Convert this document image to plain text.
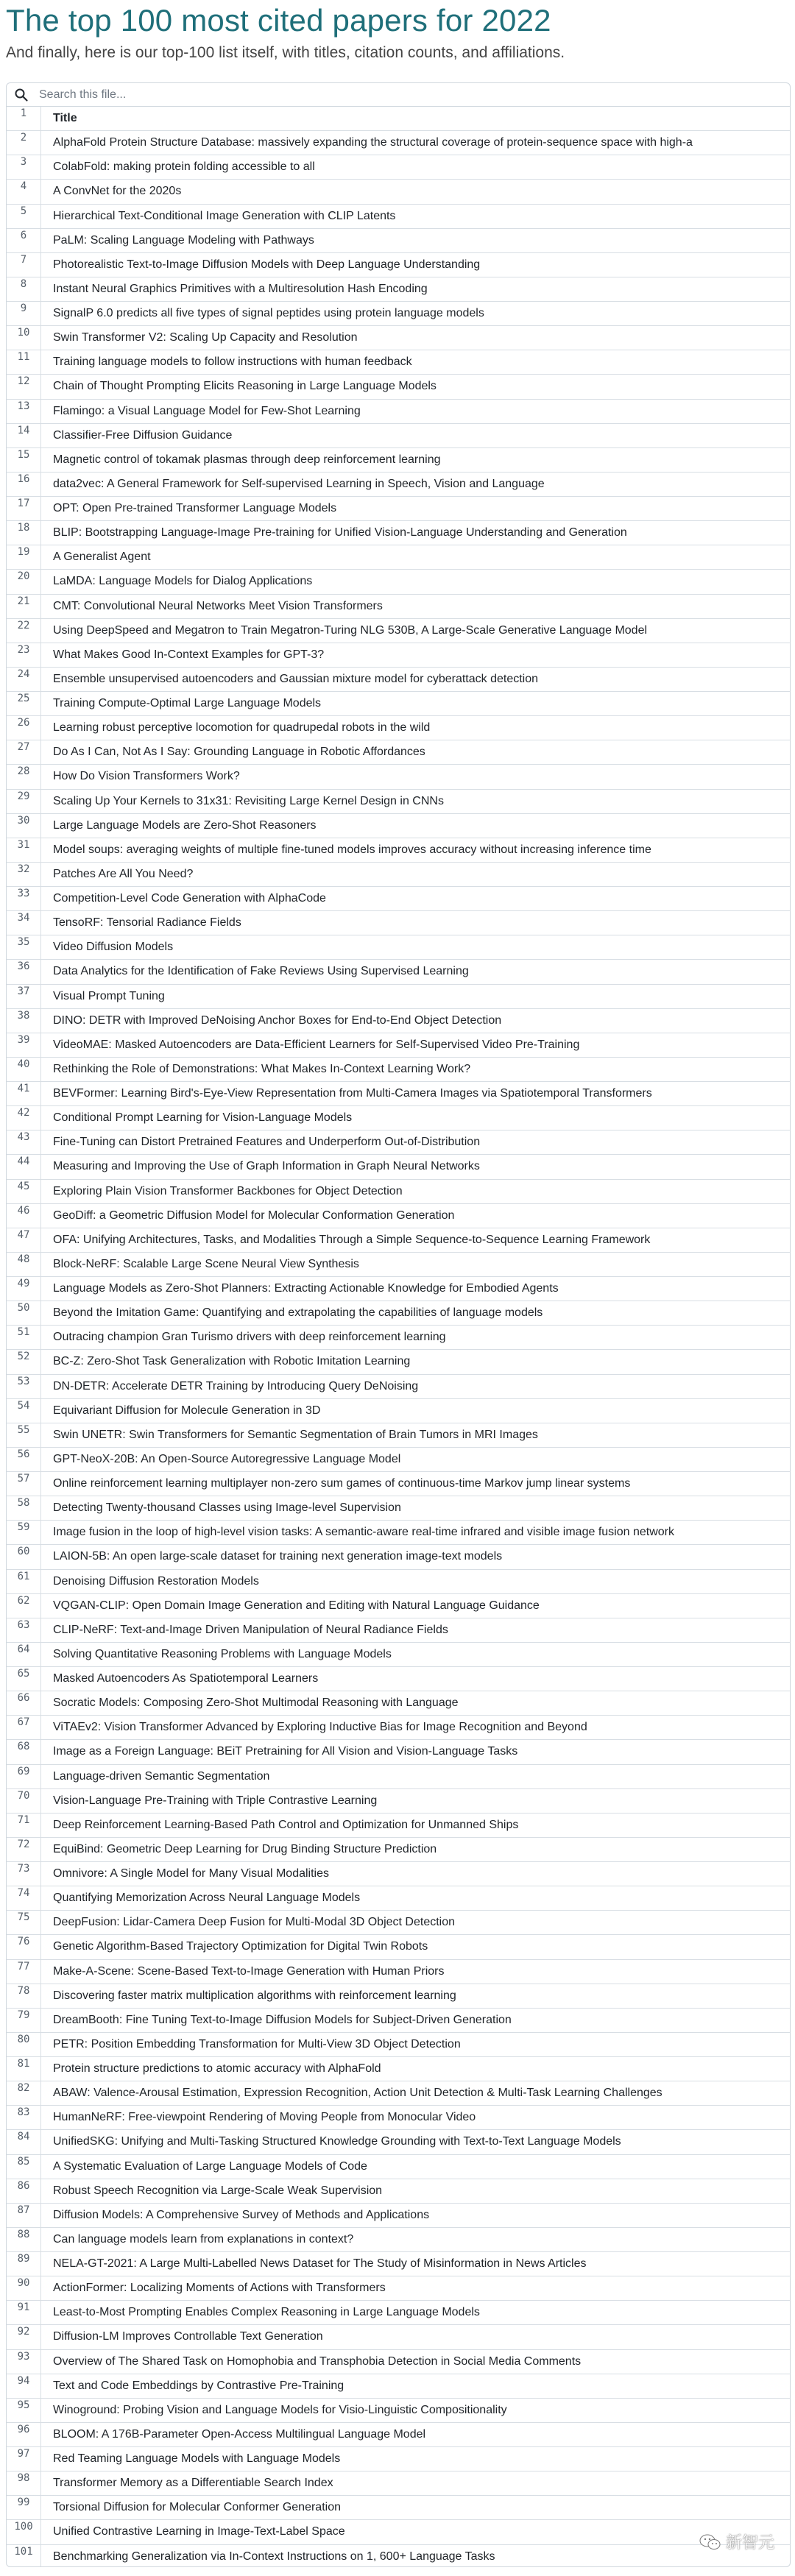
The top 100 most cited papers for 2022

And finally, here is our top-100 list itself, with titles, citation counts, and affiliations.

Search this file...
1	Title
2	AlphaFold Protein Structure Database: massively expanding the structural coverage of protein-sequence space with high-a
3	ColabFold: making protein folding accessible to all
4	A ConvNet for the 2020s
5	Hierarchical Text-Conditional Image Generation with CLIP Latents
6	PaLM: Scaling Language Modeling with Pathways
7	Photorealistic Text-to-Image Diffusion Models with Deep Language Understanding
8	Instant Neural Graphics Primitives with a Multiresolution Hash Encoding
9	SignalP 6.0 predicts all five types of signal peptides using protein language models
10	Swin Transformer V2: Scaling Up Capacity and Resolution
11	Training language models to follow instructions with human feedback
12	Chain of Thought Prompting Elicits Reasoning in Large Language Models
13	Flamingo: a Visual Language Model for Few-Shot Learning
14	Classifier-Free Diffusion Guidance
15	Magnetic control of tokamak plasmas through deep reinforcement learning
16	data2vec: A General Framework for Self-supervised Learning in Speech, Vision and Language
17	OPT: Open Pre-trained Transformer Language Models
18	BLIP: Bootstrapping Language-Image Pre-training for Unified Vision-Language Understanding and Generation
19	A Generalist Agent
20	LaMDA: Language Models for Dialog Applications
21	CMT: Convolutional Neural Networks Meet Vision Transformers
22	Using DeepSpeed and Megatron to Train Megatron-Turing NLG 530B, A Large-Scale Generative Language Model
23	What Makes Good In-Context Examples for GPT-3?
24	Ensemble unsupervised autoencoders and Gaussian mixture model for cyberattack detection
25	Training Compute-Optimal Large Language Models
26	Learning robust perceptive locomotion for quadrupedal robots in the wild
27	Do As I Can, Not As I Say: Grounding Language in Robotic Affordances
28	How Do Vision Transformers Work?
29	Scaling Up Your Kernels to 31x31: Revisiting Large Kernel Design in CNNs
30	Large Language Models are Zero-Shot Reasoners
31	Model soups: averaging weights of multiple fine-tuned models improves accuracy without increasing inference time
32	Patches Are All You Need?
33	Competition-Level Code Generation with AlphaCode
34	TensoRF: Tensorial Radiance Fields
35	Video Diffusion Models
36	Data Analytics for the Identification of Fake Reviews Using Supervised Learning
37	Visual Prompt Tuning
38	DINO: DETR with Improved DeNoising Anchor Boxes for End-to-End Object Detection
39	VideoMAE: Masked Autoencoders are Data-Efficient Learners for Self-Supervised Video Pre-Training
40	Rethinking the Role of Demonstrations: What Makes In-Context Learning Work?
41	BEVFormer: Learning Bird's-Eye-View Representation from Multi-Camera Images via Spatiotemporal Transformers
42	Conditional Prompt Learning for Vision-Language Models
43	Fine-Tuning can Distort Pretrained Features and Underperform Out-of-Distribution
44	Measuring and Improving the Use of Graph Information in Graph Neural Networks
45	Exploring Plain Vision Transformer Backbones for Object Detection
46	GeoDiff: a Geometric Diffusion Model for Molecular Conformation Generation
47	OFA: Unifying Architectures, Tasks, and Modalities Through a Simple Sequence-to-Sequence Learning Framework
48	Block-NeRF: Scalable Large Scene Neural View Synthesis
49	Language Models as Zero-Shot Planners: Extracting Actionable Knowledge for Embodied Agents
50	Beyond the Imitation Game: Quantifying and extrapolating the capabilities of language models
51	Outracing champion Gran Turismo drivers with deep reinforcement learning
52	BC-Z: Zero-Shot Task Generalization with Robotic Imitation Learning
53	DN-DETR: Accelerate DETR Training by Introducing Query DeNoising
54	Equivariant Diffusion for Molecule Generation in 3D
55	Swin UNETR: Swin Transformers for Semantic Segmentation of Brain Tumors in MRI Images
56	GPT-NeoX-20B: An Open-Source Autoregressive Language Model
57	Online reinforcement learning multiplayer non-zero sum games of continuous-time Markov jump linear systems
58	Detecting Twenty-thousand Classes using Image-level Supervision
59	Image fusion in the loop of high-level vision tasks: A semantic-aware real-time infrared and visible image fusion network
60	LAION-5B: An open large-scale dataset for training next generation image-text models
61	Denoising Diffusion Restoration Models
62	VQGAN-CLIP: Open Domain Image Generation and Editing with Natural Language Guidance
63	CLIP-NeRF: Text-and-Image Driven Manipulation of Neural Radiance Fields
64	Solving Quantitative Reasoning Problems with Language Models
65	Masked Autoencoders As Spatiotemporal Learners
66	Socratic Models: Composing Zero-Shot Multimodal Reasoning with Language
67	ViTAEv2: Vision Transformer Advanced by Exploring Inductive Bias for Image Recognition and Beyond
68	Image as a Foreign Language: BEiT Pretraining for All Vision and Vision-Language Tasks
69	Language-driven Semantic Segmentation
70	Vision-Language Pre-Training with Triple Contrastive Learning
71	Deep Reinforcement Learning-Based Path Control and Optimization for Unmanned Ships
72	EquiBind: Geometric Deep Learning for Drug Binding Structure Prediction
73	Omnivore: A Single Model for Many Visual Modalities
74	Quantifying Memorization Across Neural Language Models
75	DeepFusion: Lidar-Camera Deep Fusion for Multi-Modal 3D Object Detection
76	Genetic Algorithm-Based Trajectory Optimization for Digital Twin Robots
77	Make-A-Scene: Scene-Based Text-to-Image Generation with Human Priors
78	Discovering faster matrix multiplication algorithms with reinforcement learning
79	DreamBooth: Fine Tuning Text-to-Image Diffusion Models for Subject-Driven Generation
80	PETR: Position Embedding Transformation for Multi-View 3D Object Detection
81	Protein structure predictions to atomic accuracy with AlphaFold
82	ABAW: Valence-Arousal Estimation, Expression Recognition, Action Unit Detection & Multi-Task Learning Challenges
83	HumanNeRF: Free-viewpoint Rendering of Moving People from Monocular Video
84	UnifiedSKG: Unifying and Multi-Tasking Structured Knowledge Grounding with Text-to-Text Language Models
85	A Systematic Evaluation of Large Language Models of Code
86	Robust Speech Recognition via Large-Scale Weak Supervision
87	Diffusion Models: A Comprehensive Survey of Methods and Applications
88	Can language models learn from explanations in context?
89	NELA-GT-2021: A Large Multi-Labelled News Dataset for The Study of Misinformation in News Articles
90	ActionFormer: Localizing Moments of Actions with Transformers
91	Least-to-Most Prompting Enables Complex Reasoning in Large Language Models
92	Diffusion-LM Improves Controllable Text Generation
93	Overview of The Shared Task on Homophobia and Transphobia Detection in Social Media Comments
94	Text and Code Embeddings by Contrastive Pre-Training
95	Winoground: Probing Vision and Language Models for Visio-Linguistic Compositionality
96	BLOOM: A 176B-Parameter Open-Access Multilingual Language Model
97	Red Teaming Language Models with Language Models
98	Transformer Memory as a Differentiable Search Index
99	Torsional Diffusion for Molecular Conformer Generation
100	Unified Contrastive Learning in Image-Text-Label Space
101	Benchmarking Generalization via In-Context Instructions on 1, 600+ Language Tasks
新智元
